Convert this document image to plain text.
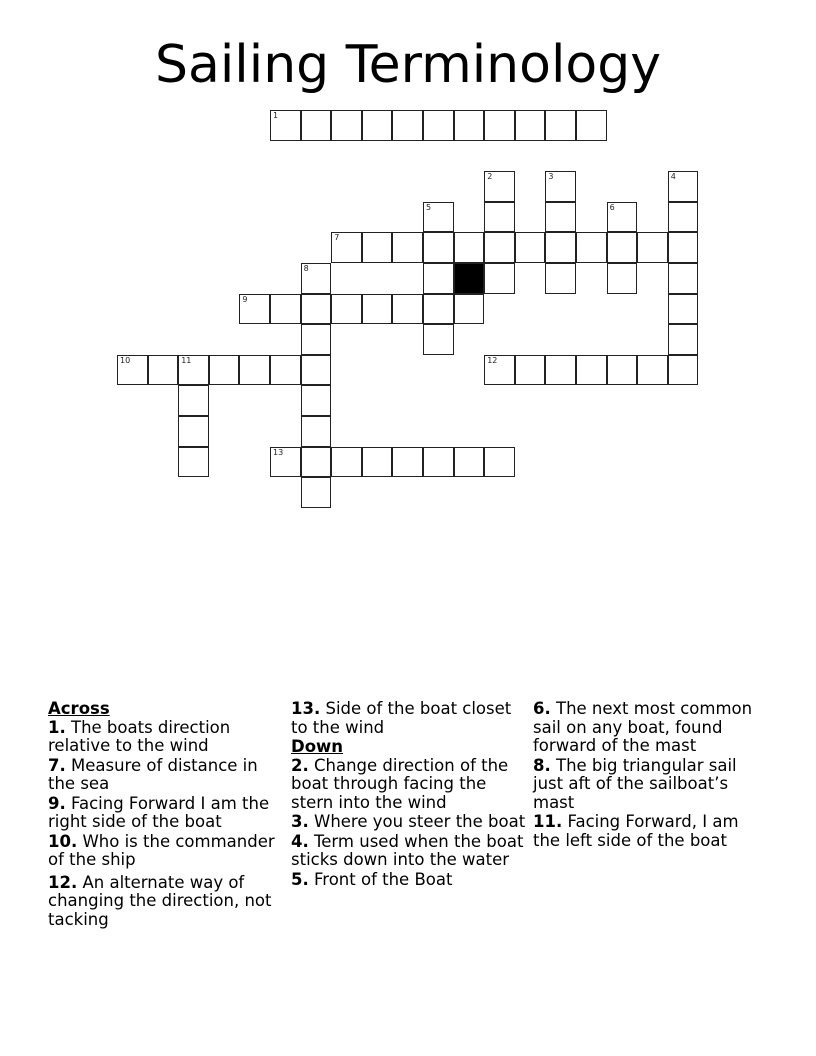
Sailing Terminology
1
2	3	4
5	6
7
8
9
10	11	12
13
Across
1. The boats direction relative to the wind
7. Measure of distance in the sea
9. Facing Forward I am the right side of the boat
10. Who is the commander of the ship
12. An alternate way of changing the direction, not tacking
13. Side of the boat closet to the wind
Down
2. Change direction of the boat through facing the stern into the wind
3. Where you steer the boat
4. Term used when the boat sticks down into the water
5. Front of the Boat
6. The next most common sail on any boat, found forward of the mast
8. The big triangular sail just aft of the sailboat’s mast
11. Facing Forward, I am the left side of the boat
